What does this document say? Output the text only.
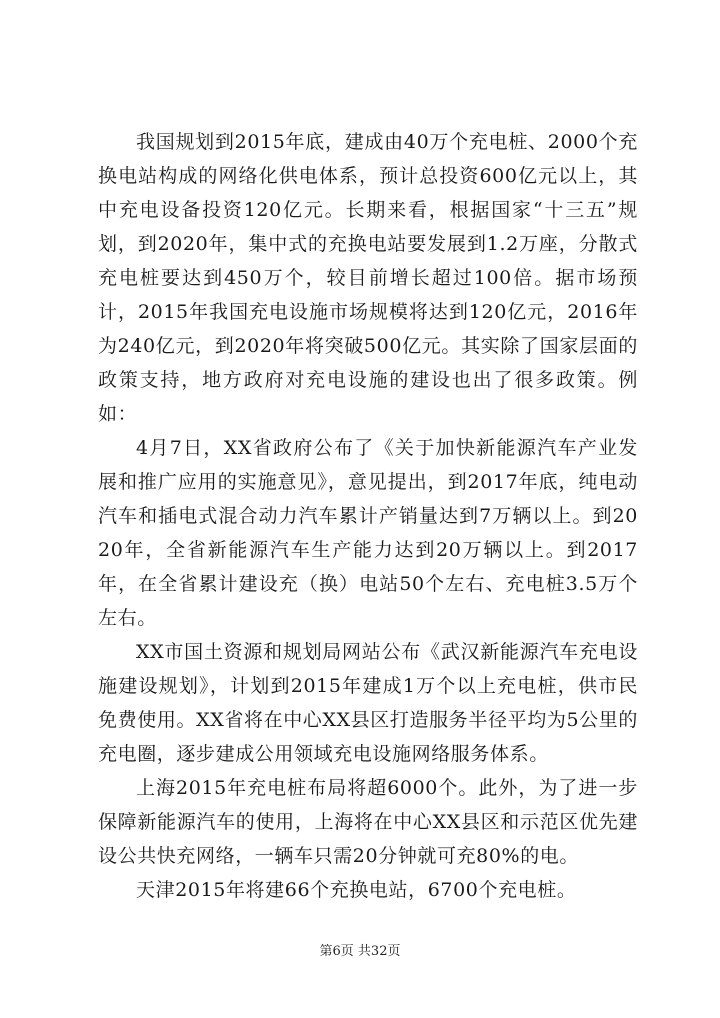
我国规划到2015年底，建成由40万个充电桩、2000个充换电站构成的网络化供电体系，预计总投资600亿元以上，其中充电设备投资120亿元。长期来看，根据国家“十三五”规划，到2020年，集中式的充换电站要发展到1.2万座，分散式充电桩要达到450万个，较目前增长超过100倍。据市场预计，2015年我国充电设施市场规模将达到120亿元，2016年为240亿元，到2020年将突破500亿元。其实除了国家层面的政策支持，地方政府对充电设施的建设也出了很多政策。例如：

4月7日，XX省政府公布了《关于加快新能源汽车产业发展和推广应用的实施意见》，意见提出，到2017年底，纯电动汽车和插电式混合动力汽车累计产销量达到7万辆以上。到2020年，全省新能源汽车生产能力达到20万辆以上。到2017年，在全省累计建设充（换）电站50个左右、充电桩3.5万个左右。

XX市国土资源和规划局网站公布《武汉新能源汽车充电设施建设规划》，计划到2015年建成1万个以上充电桩，供市民免费使用。XX省将在中心XX县区打造服务半径平均为5公里的充电圈，逐步建成公用领域充电设施网络服务体系。

上海2015年充电桩布局将超6000个。此外，为了进一步保障新能源汽车的使用，上海将在中心XX县区和示范区优先建设公共快充网络，一辆车只需20分钟就可充80%的电。

天津2015年将建66个充换电站，6700个充电桩。

第6页 共32页
